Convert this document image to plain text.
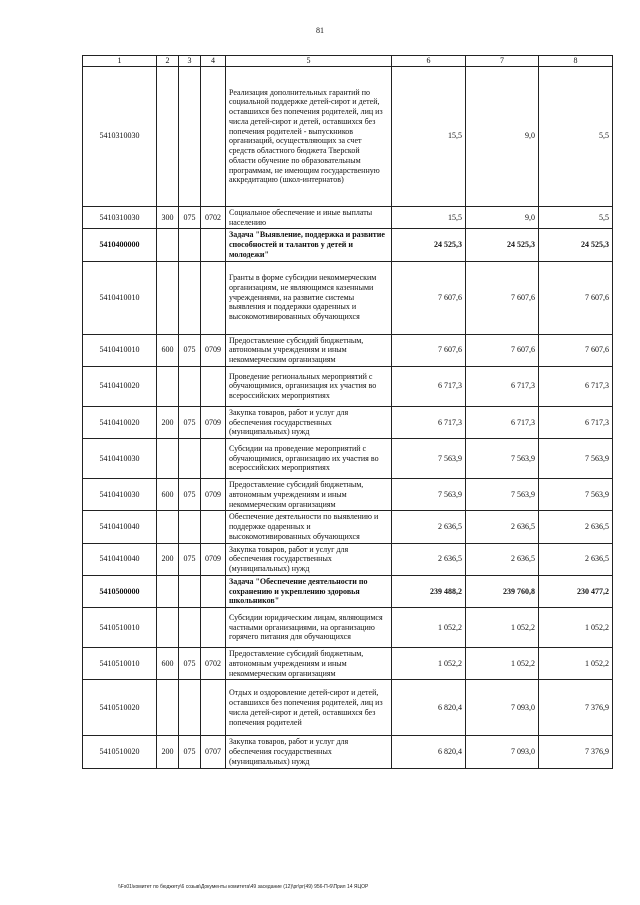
81
1	2	3	4	5	6	7	8
5410310030				Реализация дополнительных гарантий по социальной поддержке детей-сирот и детей, оставшихся без попечения родителей, лиц из числа детей-сирот и детей, оставшихся без попечения родителей - выпускников организаций, осуществляющих за счет средств областного бюджета Тверской области обучение по образовательным программам, не имеющим государственную аккредитацию (школ-интернатов)	15,5	9,0	5,5
5410310030	300	075	0702	Социальное обеспечение и иные выплаты населению	15,5	9,0	5,5
5410400000				Задача "Выявление, поддержка и развитие способностей и талантов у детей и молодежи"	24 525,3	24 525,3	24 525,3
5410410010				Гранты в форме субсидии некоммерческим организациям, не являющимся казенными учреждениями, на развитие системы выявления и поддержки одаренных и высокомотивированных обучающихся	7 607,6	7 607,6	7 607,6
5410410010	600	075	0709	Предоставление субсидий бюджетным, автономным учреждениям и иным некоммерческим организациям	7 607,6	7 607,6	7 607,6
5410410020				Проведение региональных мероприятий с обучающимися, организация их участия во всероссийских мероприятиях	6 717,3	6 717,3	6 717,3
5410410020	200	075	0709	Закупка товаров, работ и услуг для обеспечения государственных (муниципальных) нужд	6 717,3	6 717,3	6 717,3
5410410030				Субсидии на проведение мероприятий с обучающимися, организацию их участия во всероссийских мероприятиях	7 563,9	7 563,9	7 563,9
5410410030	600	075	0709	Предоставление субсидий бюджетным, автономным учреждениям и иным некоммерческим организациям	7 563,9	7 563,9	7 563,9
5410410040				Обеспечение деятельности по выявлению и поддержке одаренных и высокомотивированных обучающихся	2 636,5	2 636,5	2 636,5
5410410040	200	075	0709	Закупка товаров, работ и услуг для обеспечения государственных (муниципальных) нужд	2 636,5	2 636,5	2 636,5
5410500000				Задача "Обеспечение деятельности по сохранению и укреплению здоровья школьников"	239 488,2	239 760,8	230 477,2
5410510010				Субсидии юридическим лицам, являющимся частными организациями, на организацию горячего питания для обучающихся	1 052,2	1 052,2	1 052,2
5410510010	600	075	0702	Предоставление субсидий бюджетным, автономным учреждениям и иным некоммерческим организациям	1 052,2	1 052,2	1 052,2
5410510020				Отдых и оздоровление детей-сирот и детей, оставшихся без попечения родителей, лиц из числа детей-сирот и детей, оставшихся без попечения родителей	6 820,4	7 093,0	7 376,9
5410510020	200	075	0707	Закупка товаров, работ и услуг для обеспечения государственных (муниципальных) нужд	6 820,4	7 093,0	7 376,9
\\Fs01\комитет по бюджету\6 созыв\Документы комитета\49 заседание (12)\pr\pr(49) 956-П-6\Прил 14 ЯЦОР
